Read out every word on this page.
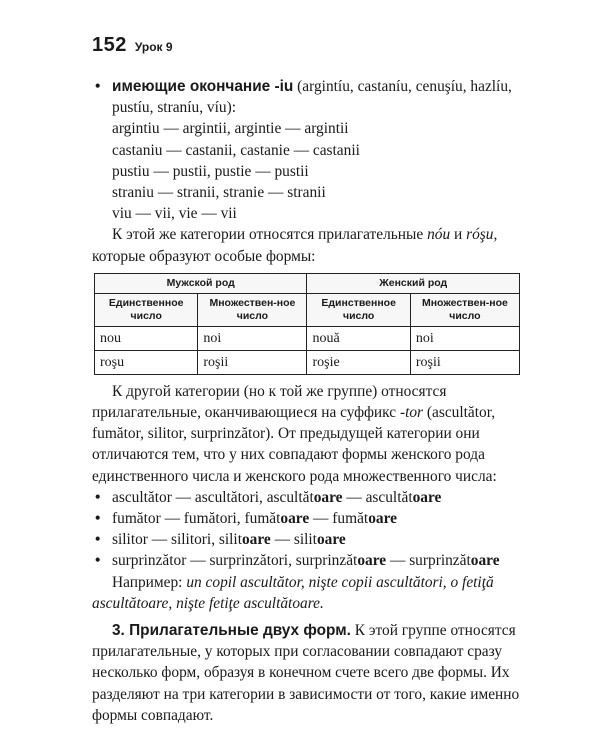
152 Урок 9
• имеющие окончание -iu (argintíu, castaníu, cenuşíu, hazlíu, pustíu, straníu, víu):
argintiu — argintii, argintie — argintii
castaniu — castanii, castanie — castanii
pustiu — pustii, pustie — pustii
straniu — stranii, stranie — stranii
viu — vii, vie — vii
К этой же категории относятся прилагательные nóu и róşu, которые образуют особые формы:
Мужской род		Женский род	
Единственное число	Множествен-ное число	Единственное число	Множествен-ное число
nou	noi	nouă	noi
roşu	roşii	roşie	roşii
К другой категории (но к той же группе) относятся прилагательные, оканчивающиеся на суффикс -tor (ascultător, fumător, silitor, surprinzător). От предыдущей категории они отличаются тем, что у них совпадают формы женского рода единственного числа и женского рода множественного числа:
• ascultător — ascultători, ascultătoare — ascultătoare
• fumător — fumători, fumătoare — fumătoare
• silitor — silitori, silitoare — silitoare
• surprinzător — surprinzători, surprinzătoare — surprinzătoare
Например: un copil ascultător, nişte copii ascultători, o fetiţă ascultătoare, nişte fetiţe ascultătoare.
3. Прилагательные двух форм. К этой группе относятся прилагательные, у которых при согласовании совпадают сразу несколько форм, образуя в конечном счете всего две формы. Их разделяют на три категории в зависимости от того, какие именно формы совпадают.
